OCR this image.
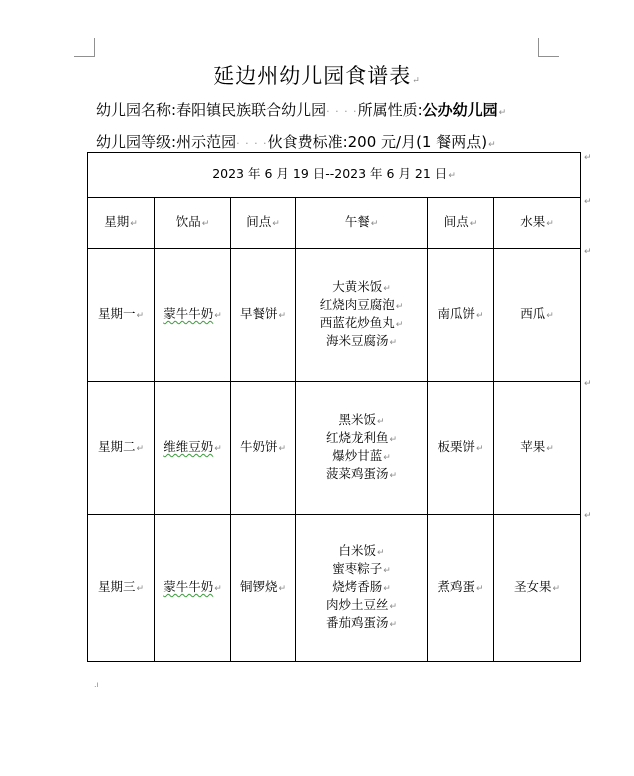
延边州幼儿园食谱表↵
幼儿园名称:春阳镇民族联合幼儿园· · · ·所属性质:公办幼儿园↵
幼儿园等级:州示范园· · · ·伙食费标准:200 元/月(1 餐两点)↵
2023 年 6 月 19 日--2023 年 6 月 21 日↵					
星期↵	饮品↵	间点↵	午餐↵	间点↵	水果↵
星期一↵	蒙牛牛奶↵	早餐饼↵	大黄米饭↵
红烧肉豆腐泡↵
西蓝花炒鱼丸↵
海米豆腐汤↵	南瓜饼↵	西瓜↵
星期二↵	维维豆奶↵	牛奶饼↵	黑米饭↵
红烧龙利鱼↵
爆炒甘蓝↵
菠菜鸡蛋汤↵	板栗饼↵	苹果↵
星期三↵	蒙牛牛奶↵	铜锣烧↵	白米饭↵
蜜枣粽子↵
烧烤香肠↵
肉炒土豆丝↵
番茄鸡蛋汤↵	煮鸡蛋↵	圣女果↵
↵
↵
↵
↵
↵
.ı
